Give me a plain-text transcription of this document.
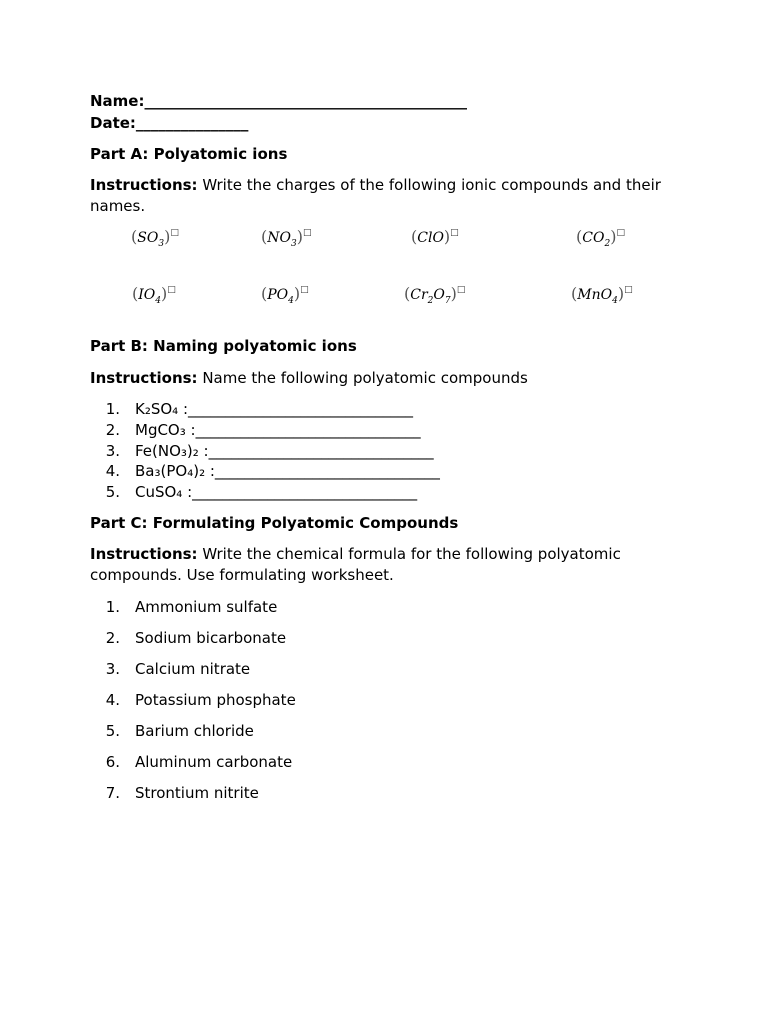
Name:___________________________________________
Date:_______________
Part A: Polyatomic ions
Instructions: Write the charges of the following ionic compounds and their names.
$(SO_3)^□$	$(NO_3)^□$	(ClO)□	$(CO_2)^□$
$(IO_4)^□$	$(PO_4)^□$	$(Cr_2O_7)^□$	(MnO$_4$)□
Part B: Naming polyatomic ions
Instructions: Name the following polyatomic compounds
1. K₂SO₄ :______________________________
2. MgCO₃ :______________________________
3. Fe(NO₃)₂ :______________________________
4. Ba₃(PO₄)₂ :______________________________
5. CuSO₄ :______________________________
Part C: Formulating Polyatomic Compounds
Instructions: Write the chemical formula for the following polyatomic compounds. Use formulating worksheet.
1. Ammonium sulfate
2. Sodium bicarbonate
3. Calcium nitrate
4. Potassium phosphate
5. Barium chloride
6. Aluminum carbonate
7. Strontium nitrite
